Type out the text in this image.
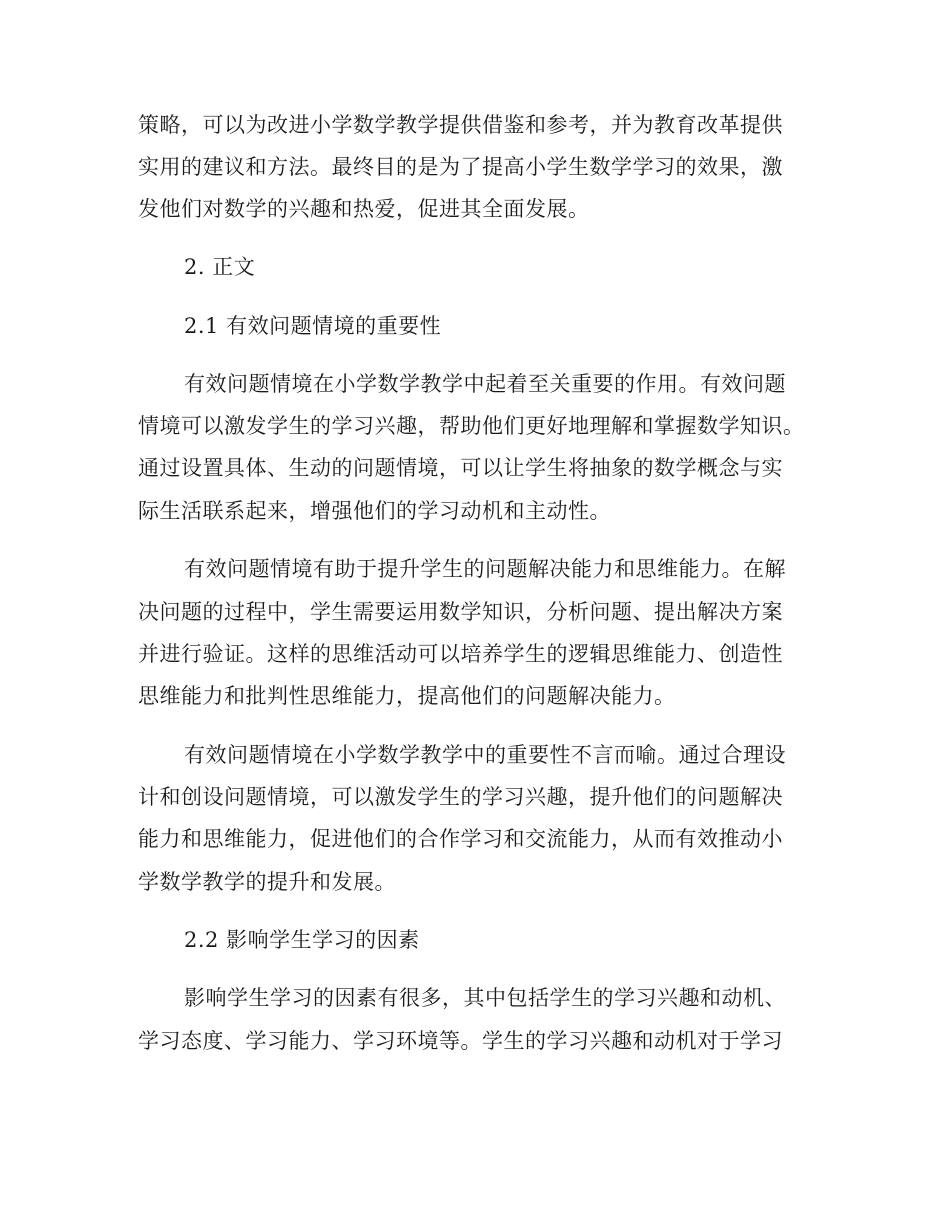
策略，可以为改进小学数学教学提供借鉴和参考，并为教育改革提供
实用的建议和方法。最终目的是为了提高小学生数学学习的效果，激
发他们对数学的兴趣和热爱，促进其全面发展。
2. 正文
2.1 有效问题情境的重要性
有效问题情境在小学数学教学中起着至关重要的作用。有效问题
情境可以激发学生的学习兴趣，帮助他们更好地理解和掌握数学知识。
通过设置具体、生动的问题情境，可以让学生将抽象的数学概念与实
际生活联系起来，增强他们的学习动机和主动性。
有效问题情境有助于提升学生的问题解决能力和思维能力。在解
决问题的过程中，学生需要运用数学知识，分析问题、提出解决方案
并进行验证。这样的思维活动可以培养学生的逻辑思维能力、创造性
思维能力和批判性思维能力，提高他们的问题解决能力。
有效问题情境在小学数学教学中的重要性不言而喻。通过合理设
计和创设问题情境，可以激发学生的学习兴趣，提升他们的问题解决
能力和思维能力，促进他们的合作学习和交流能力，从而有效推动小
学数学教学的提升和发展。
2.2 影响学生学习的因素
影响学生学习的因素有很多，其中包括学生的学习兴趣和动机、
学习态度、学习能力、学习环境等。学生的学习兴趣和动机对于学习
